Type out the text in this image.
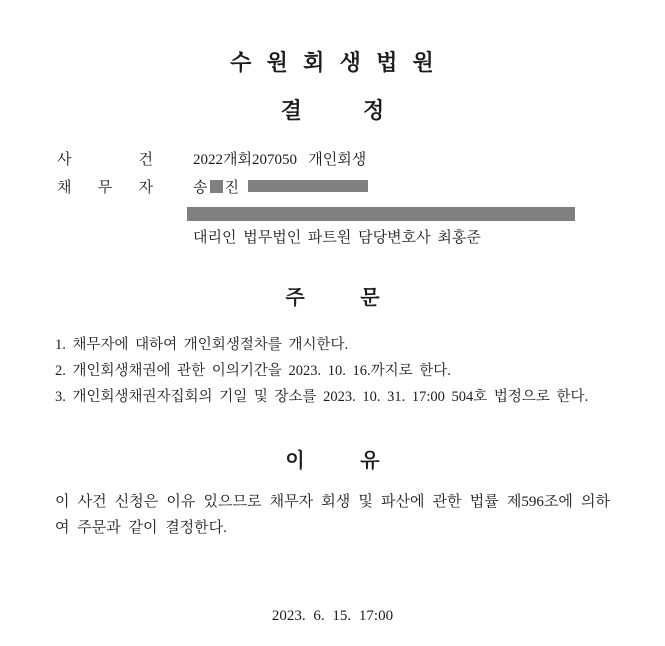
수  원  회  생  법  원
결          정
사 건	2022개회207050   개인회생
채 무 자	송 진
대리인 법무법인 파트원 담당변호사 최홍준
주          문
1. 채무자에 대하여 개인회생절차를 개시한다.
2. 개인회생채권에 관한 이의기간을 2023. 10. 16.까지로 한다.
3. 개인회생채권자집회의 기일 및 장소를 2023. 10. 31. 17:00 504호 법정으로 한다.
이          유
이 사건 신청은 이유 있으므로 채무자 회생 및 파산에 관한 법률 제596조에 의하여 주문과 같이 결정한다.
2023. 6. 15. 17:00
